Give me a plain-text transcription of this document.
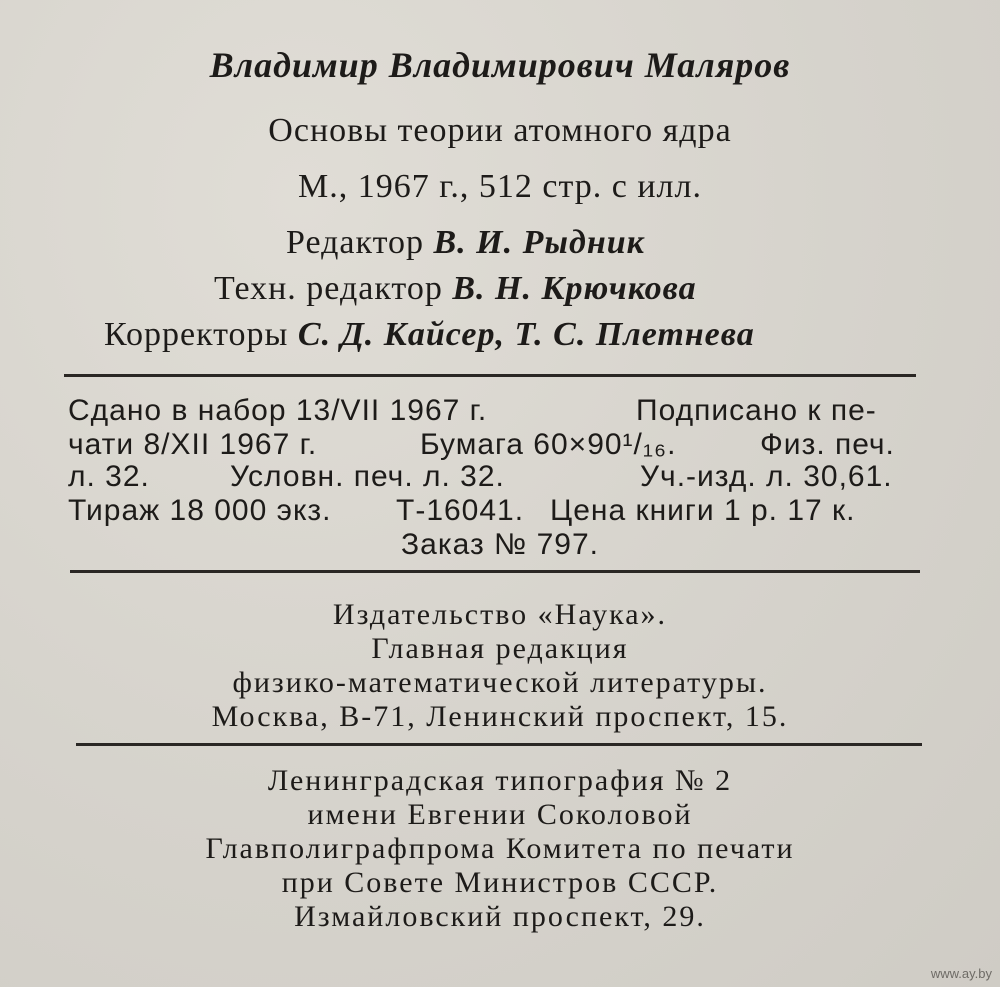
Владимир Владимирович Маляров
Основы теории атомного ядра
М., 1967 г., 512 стр. с илл.
Редактор В. И. Рыдник
Техн. редактор В. Н. Крючкова
Корректоры С. Д. Кайсер, Т. С. Плетнева
Сдано в набор 13/VII 1967 г.	Подписано к пе-
чати 8/XII 1967 г.	Бумага 60×90¹/₁₆.	Физ. печ.
л. 32.	Условн. печ. л. 32.	Уч.-изд. л. 30,61.
Тираж 18 000 экз. Т-16041. Цена книги 1 р. 17 к.
Заказ № 797.
Издательство «Наука».
Главная редакция
физико-математической литературы.
Москва, В-71, Ленинский проспект, 15.
Ленинградская типография № 2
имени Евгении Соколовой
Главполиграфпрома Комитета по печати
при Совете Министров СССР.
Измайловский проспект, 29.
www.ay.by
